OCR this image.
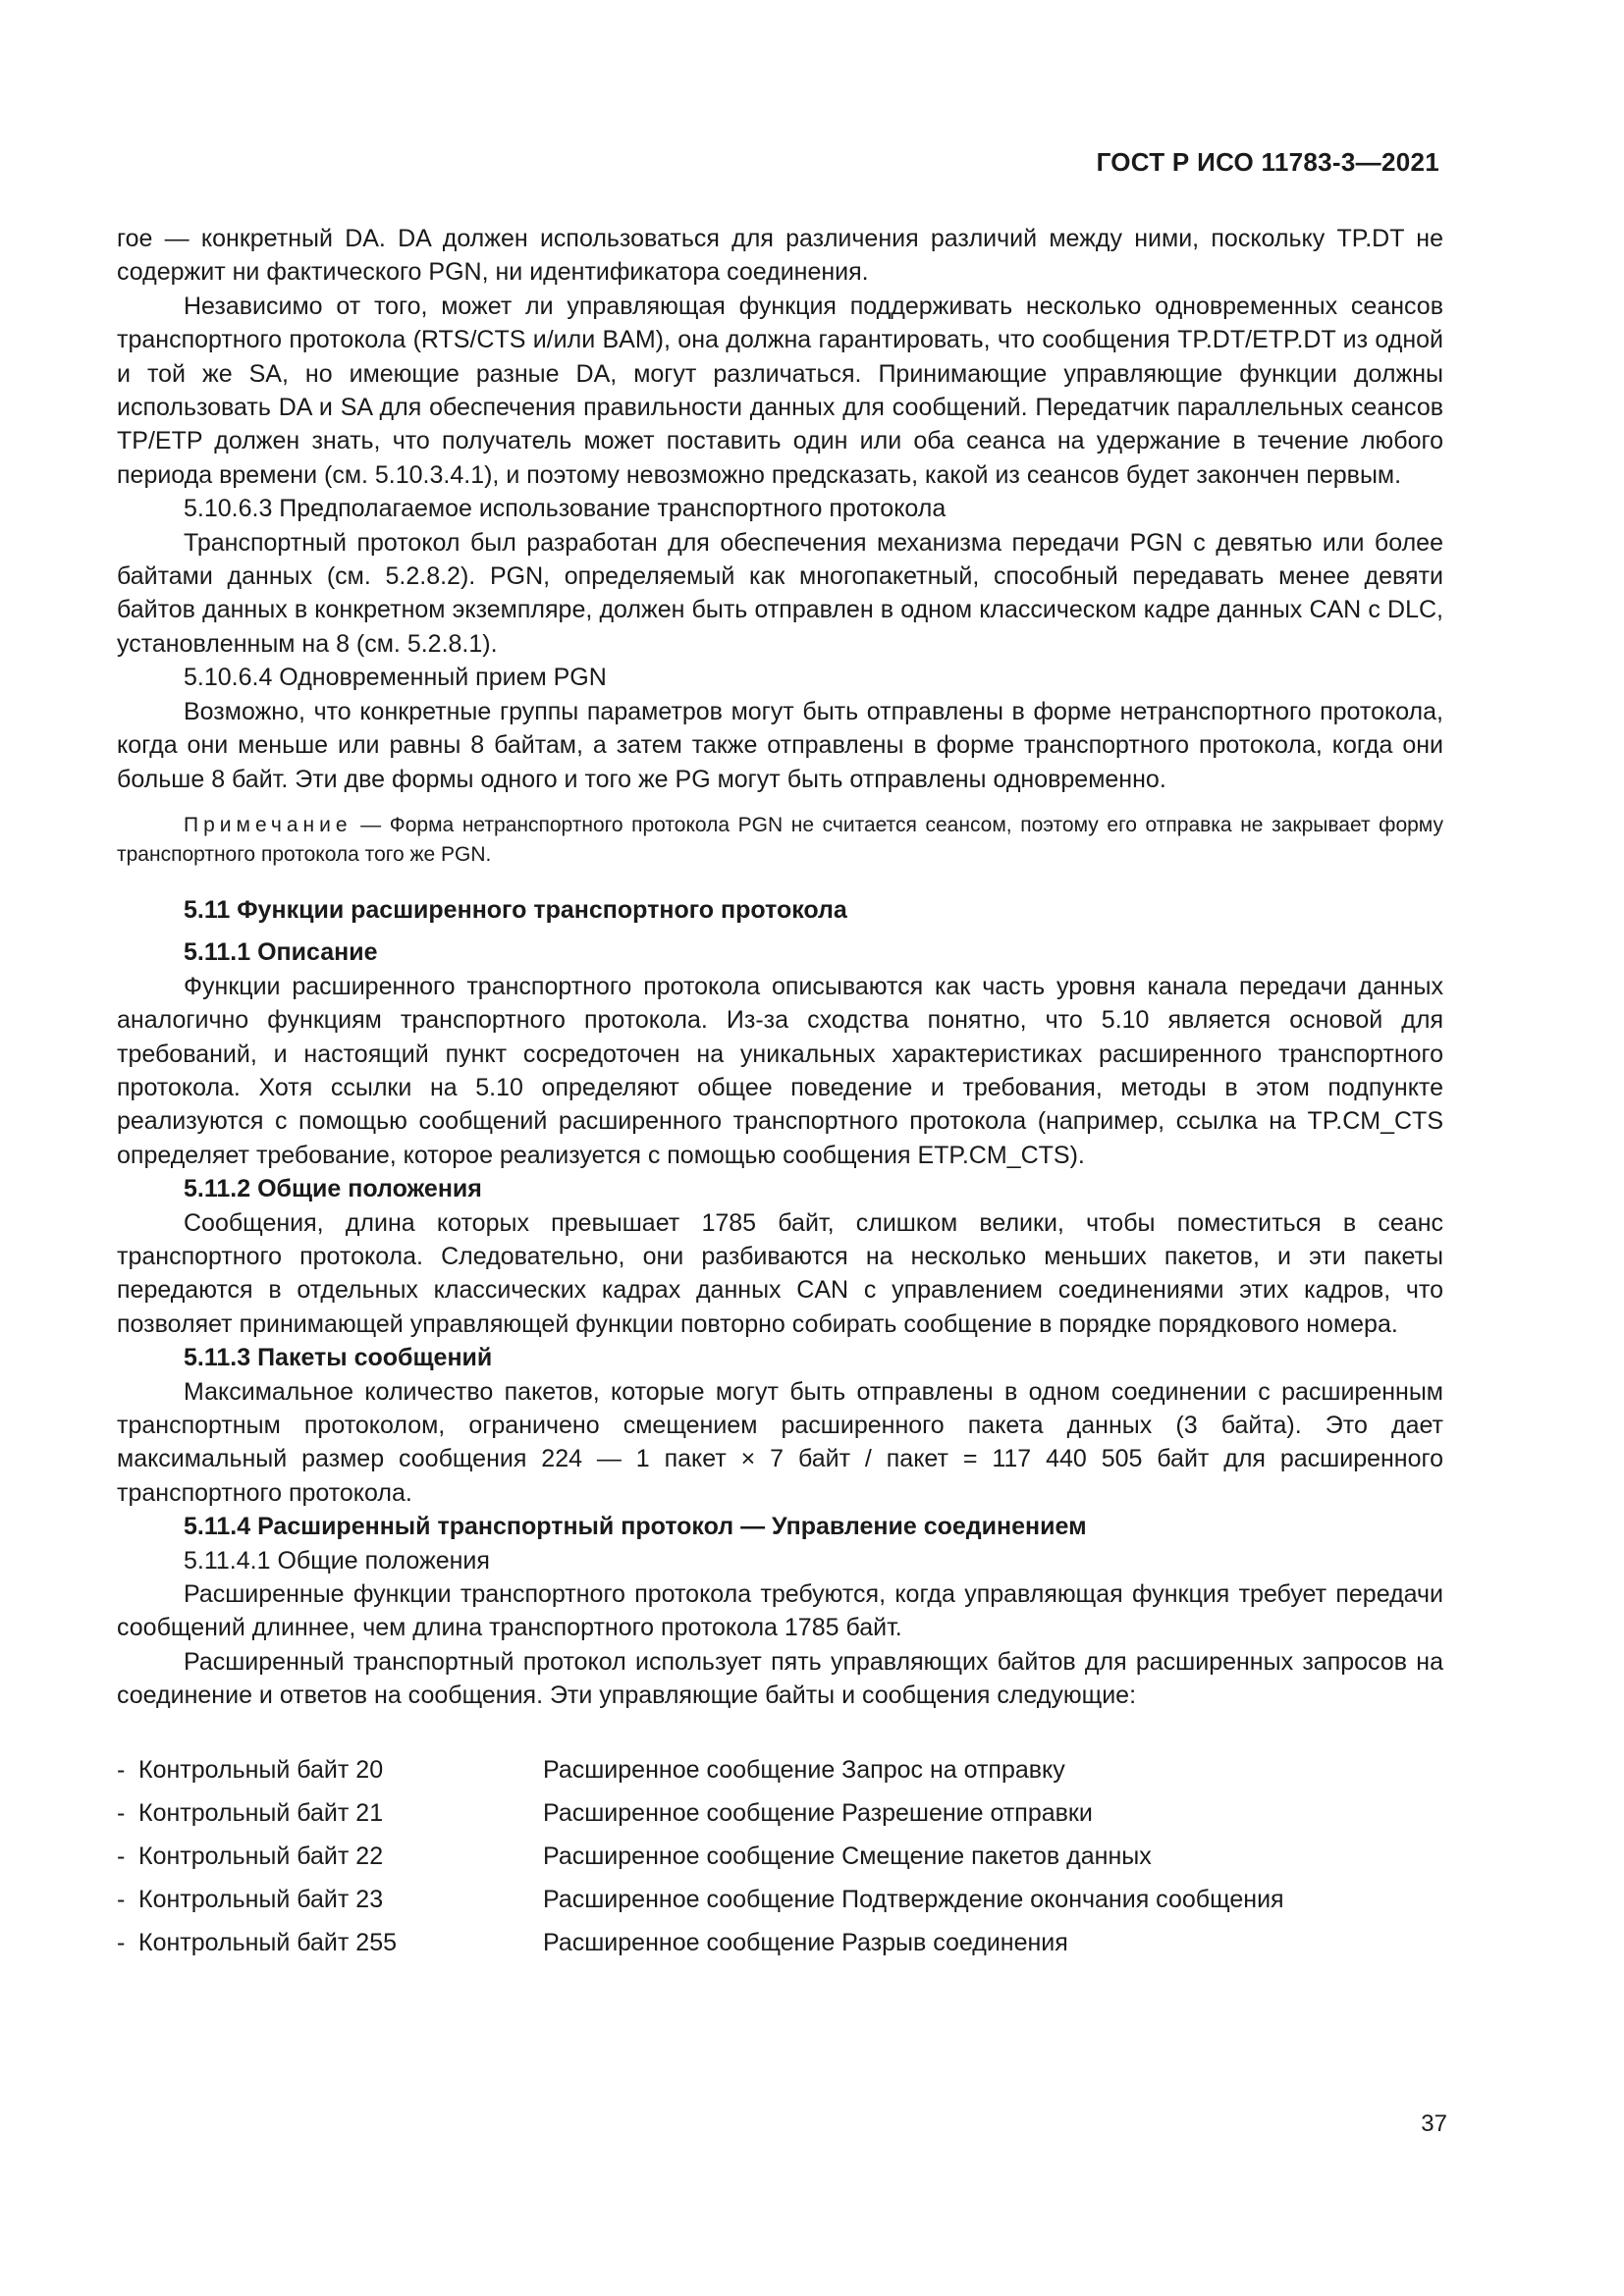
ГОСТ Р ИСО 11783-3—2021

гое — конкретный DA. DA должен использоваться для различения различий между ними, поскольку TP.DT не содержит ни фактического PGN, ни идентификатора соединения.

Независимо от того, может ли управляющая функция поддерживать несколько одновременных сеансов транспортного протокола (RTS/CTS и/или BAM), она должна гарантировать, что сообщения TP.DT/ETP.DT из одной и той же SA, но имеющие разные DA, могут различаться. Принимающие управляющие функции должны использовать DA и SA для обеспечения правильности данных для сообщений. Передатчик параллельных сеансов TP/ETP должен знать, что получатель может поставить один или оба сеанса на удержание в течение любого периода времени (см. 5.10.3.4.1), и поэтому невозможно предсказать, какой из сеансов будет закончен первым.

5.10.6.3 Предполагаемое использование транспортного протокола

Транспортный протокол был разработан для обеспечения механизма передачи PGN с девятью или более байтами данных (см. 5.2.8.2). PGN, определяемый как многопакетный, способный передавать менее девяти байтов данных в конкретном экземпляре, должен быть отправлен в одном классическом кадре данных CAN с DLC, установленным на 8 (см. 5.2.8.1).

5.10.6.4 Одновременный прием PGN

Возможно, что конкретные группы параметров могут быть отправлены в форме нетранспортного протокола, когда они меньше или равны 8 байтам, а затем также отправлены в форме транспортного протокола, когда они больше 8 байт. Эти две формы одного и того же PG могут быть отправлены одновременно.

Примечание — Форма нетранспортного протокола PGN не считается сеансом, поэтому его отправка не закрывает форму транспортного протокола того же PGN.

5.11 Функции расширенного транспортного протокола

5.11.1 Описание

Функции расширенного транспортного протокола описываются как часть уровня канала передачи данных аналогично функциям транспортного протокола. Из-за сходства понятно, что 5.10 является основой для требований, и настоящий пункт сосредоточен на уникальных характеристиках расширенного транспортного протокола. Хотя ссылки на 5.10 определяют общее поведение и требования, методы в этом подпункте реализуются с помощью сообщений расширенного транспортного протокола (например, ссылка на TP.CM_CTS определяет требование, которое реализуется с помощью сообщения ETP.CM_CTS).

5.11.2 Общие положения

Сообщения, длина которых превышает 1785 байт, слишком велики, чтобы поместиться в сеанс транспортного протокола. Следовательно, они разбиваются на несколько меньших пакетов, и эти пакеты передаются в отдельных классических кадрах данных CAN с управлением соединениями этих кадров, что позволяет принимающей управляющей функции повторно собирать сообщение в порядке порядкового номера.

5.11.3 Пакеты сообщений

Максимальное количество пакетов, которые могут быть отправлены в одном соединении с расширенным транспортным протоколом, ограничено смещением расширенного пакета данных (3 байта). Это дает максимальный размер сообщения 224 — 1 пакет × 7 байт / пакет = 117 440 505 байт для расширенного транспортного протокола.

5.11.4 Расширенный транспортный протокол — Управление соединением

5.11.4.1 Общие положения

Расширенные функции транспортного протокола требуются, когда управляющая функция требует передачи сообщений длиннее, чем длина транспортного протокола 1785 байт.

Расширенный транспортный протокол использует пять управляющих байтов для расширенных запросов на соединение и ответов на сообщения. Эти управляющие байты и сообщения следующие:

- Контрольный байт 20	Расширенное сообщение Запрос на отправку
- Контрольный байт 21	Расширенное сообщение Разрешение отправки
- Контрольный байт 22	Расширенное сообщение Смещение пакетов данных
- Контрольный байт 23	Расширенное сообщение Подтверждение окончания сообщения
- Контрольный байт 255	Расширенное сообщение Разрыв соединения
37
